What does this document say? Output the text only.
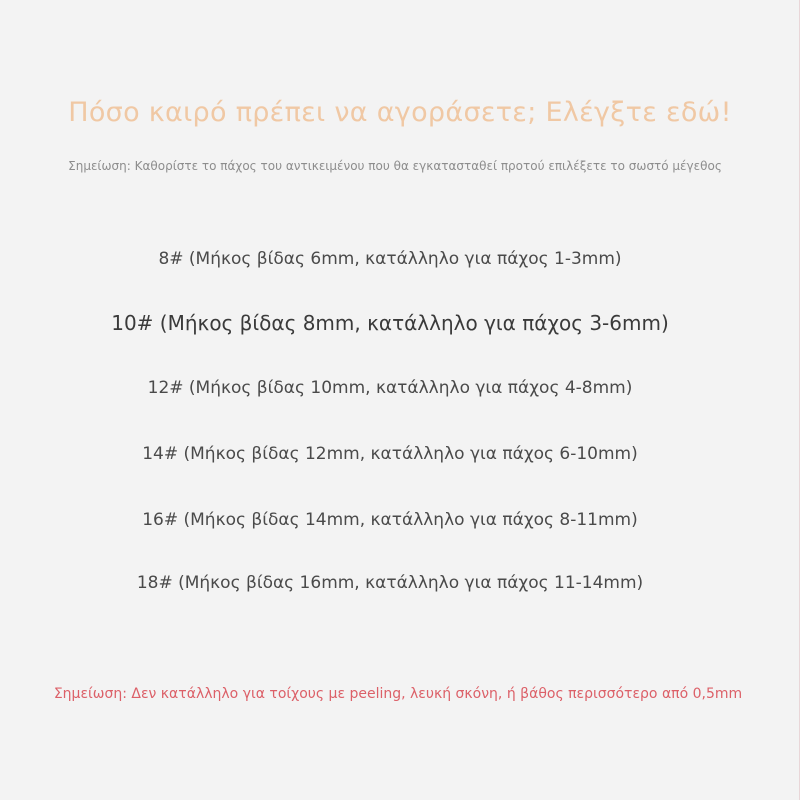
Πόσο καιρό πρέπει να αγοράσετε; Ελέγξτε εδώ!
Σημείωση: Καθορίστε το πάχος του αντικειμένου που θα εγκατασταθεί προτού επιλέξετε το σωστό μέγεθος
8# (Μήκος βίδας 6mm, κατάλληλο για πάχος 1-3mm)
10# (Μήκος βίδας 8mm, κατάλληλο για πάχος 3-6mm)
12# (Μήκος βίδας 10mm, κατάλληλο για πάχος 4-8mm)
14# (Μήκος βίδας 12mm, κατάλληλο για πάχος 6-10mm)
16# (Μήκος βίδας 14mm, κατάλληλο για πάχος 8-11mm)
18# (Μήκος βίδας 16mm, κατάλληλο για πάχος 11-14mm)
Σημείωση: Δεν κατάλληλο για τοίχους με peeling, λευκή σκόνη, ή βάθος περισσότερο από 0,5mm
